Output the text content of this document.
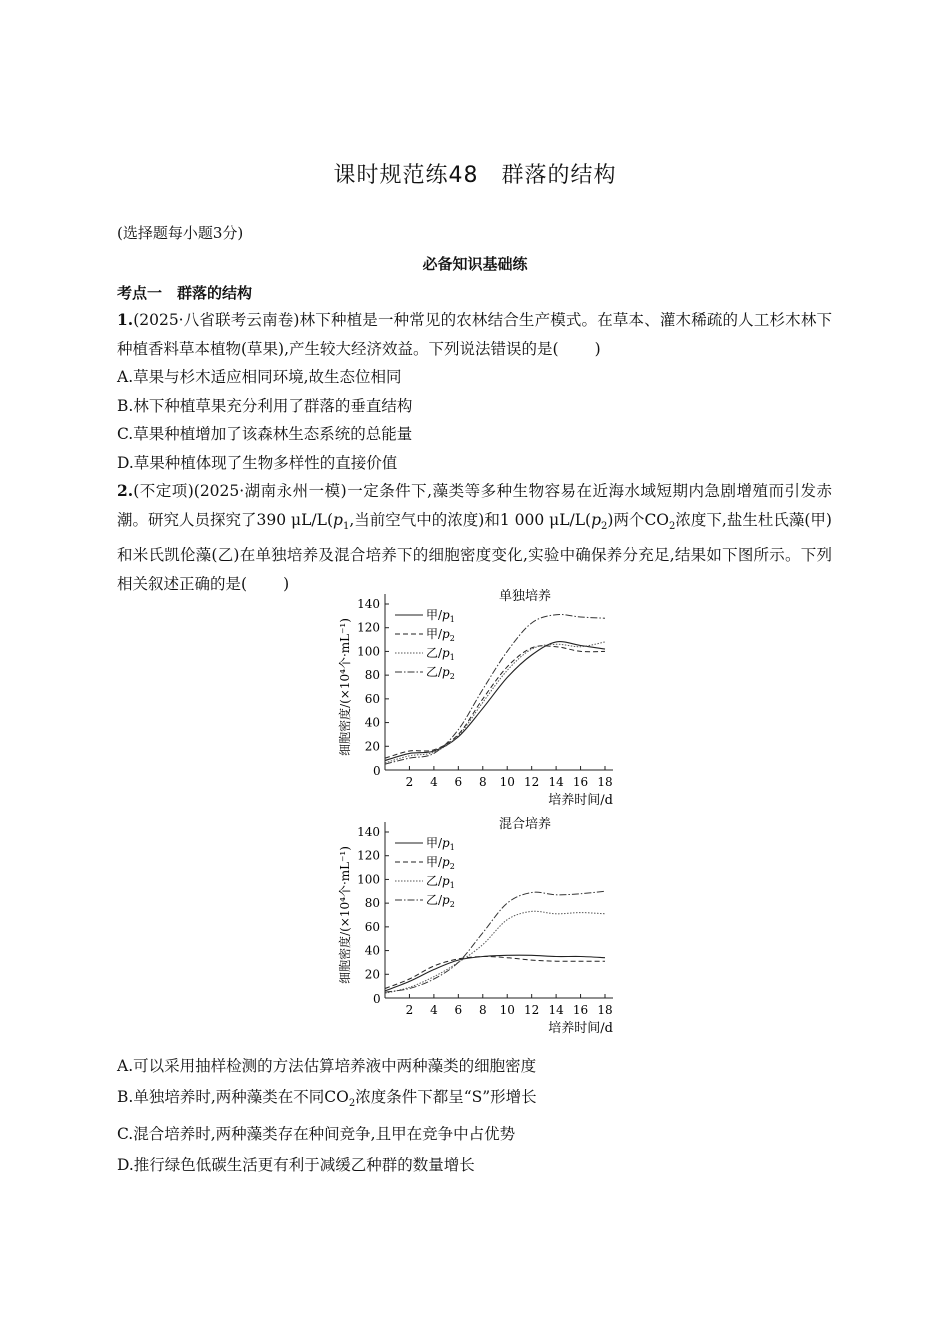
课时规范练48　群落的结构
(选择题每小题3分)
必备知识基础练
考点一　群落的结构
1.(2025·八省联考云南卷)林下种植是一种常见的农林结合生产模式。在草本、灌木稀疏的人工杉木林下种植香料草本植物(草果),产生较大经济效益。下列说法错误的是( )
A.草果与杉木适应相同环境,故生态位相同
B.林下种植草果充分利用了群落的垂直结构
C.草果种植增加了该森林生态系统的总能量
D.草果种植体现了生物多样性的直接价值
2.(不定项)(2025·湖南永州一模)一定条件下,藻类等多种生物容易在近海水域短期内急剧增殖而引发赤潮。研究人员探究了390 $\mu L/L(p_1$,当前空气中的浓度)和1 000 $\mu L/L(p_2)$两个$CO_2$浓度下,盐生杜氏藻(甲)和米氏凯伦藻(乙)在单独培养及混合培养下的细胞密度变化,实验中确保养分充足,结果如下图所示。下列相关叙述正确的是( )
0
20
40
60
80
100
120
140
2 4 6 8 10 12 14 16 18
培养时间/d
细胞密度/(×10⁴个·mL⁻¹)
单独培养
甲$/p_1$
甲$/p_2$
乙$/p_1$
乙$/p_2$
0
20
40
60
80
100
120
140
2 4 6 8 10 12 14 16 18
培养时间/d
细胞密度/(×10⁴个·mL⁻¹)
混合培养
甲$/p_1$
甲$/p_2$
乙$/p_1$
乙$/p_2$
A.可以采用抽样检测的方法估算培养液中两种藻类的细胞密度
B.单独培养时,两种藻类在不同$CO_2$浓度条件下都呈“S”形增长
C.混合培养时,两种藻类存在种间竞争,且甲在竞争中占优势
D.推行绿色低碳生活更有利于减缓乙种群的数量增长
